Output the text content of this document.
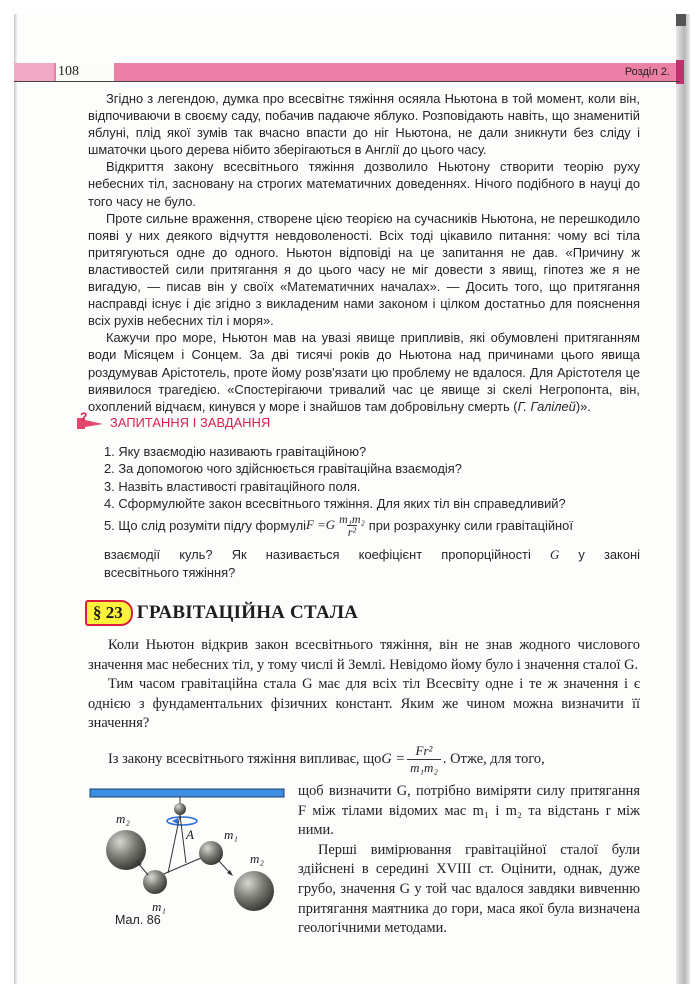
108	Розділ 2.

Згідно з легендою, думка про всесвітнє тяжіння осяяла Ньютона в той момент, коли він, відпочиваючи в своєму саду, побачив падаюче яблуко. Розповідають навіть, що знаменитій яблуні, плід якої зумів так вчасно впасти до ніг Ньютона, не дали зникнути без сліду і шматочки цього дерева нібито зберігаються в Англії до цього часу.

Відкриття закону всесвітнього тяжіння дозволило Ньютону створити теорію руху небесних тіл, засновану на строгих математичних доведеннях. Нічого подібного в науці до того часу не було.

Проте сильне враження, створене цією теорією на сучасників Ньютона, не перешкодило появі у них деякого відчуття невдоволеності. Всіх тоді цікавило питання: чому всі тіла притягуються одне до одного. Ньютон відповіді на це запитання не дав. «Причину ж властивостей сили притягання я до цього часу не міг довести з явищ, гіпотез же я не вигадую, — писав він у своїх «Математичних началах». — Досить того, що притягання насправді існує і діє згідно з викладеним нами законом і цілком достатньо для пояснення всіх рухів небесних тіл і моря».

Кажучи про море, Ньютон мав на увазі явище припливів, які обумовлені притяганням води Місяцем і Сонцем. За дві тисячі років до Ньютона над причинами цього явища роздумував Арістотель, проте йому розв'язати цю проблему не вдалося. Для Арістотеля це виявилося трагедією. «Спостерігаючи тривалий час це явище зі скелі Негропонта, він, охоплений відчаєм, кинувся у море і знайшов там добровільну смерть (Г. Галілей)».

? ЗАПИТАННЯ І ЗАВДАННЯ

1. Яку взаємодію називають гравітаційною?

2. За допомогою чого здійснюється гравітаційна взаємодія?

3. Назвіть властивості гравітаційного поля.

4. Сформулюйте закон всесвітнього тяжіння. Для яких тіл він справедливий?

5. Що слід розуміти під r у формулі $F =G \frac{\text{m₁m₂}}{\text{r²}}$ при розрахунку сили гравітаційної
взаємодії куль? Як називається коефіцієнт пропорційності G у законі
всесвітнього тяжіння?
§ 23 ГРАВІТАЦІЙНА СТАЛА

Коли Ньютон відкрив закон всесвітнього тяжіння, він не знав жодного числового значення мас небесних тіл, у тому числі й Землі. Невідомо йому було і значення сталої G.

Тим часом гравітаційна стала G має для всіх тіл Всесвіту одне і те ж значення і є однією з фундаментальних фізичних констант. Яким же чином можна визначити її значення?

Із закону всесвітнього тяжіння випливає, що $G = \frac{\text{Fr²}}{\text{m₁m₂}}$ . Отже, для того,

щоб визначити G, потрібно виміряти силу притягання F між тілами відомих мас m₁ і m₂ та відстань r між ними.

Перші вимірювання гравітаційної сталої були здійснені в середині XVIII ст. Оцінити, однак, дуже грубо, значення G у той час вдалося завдяки вивченню притягання маятника до гори, маса якої була визначена геологічними методами.

m₂
m₁
m₂
A
m₁
Мал. 86
